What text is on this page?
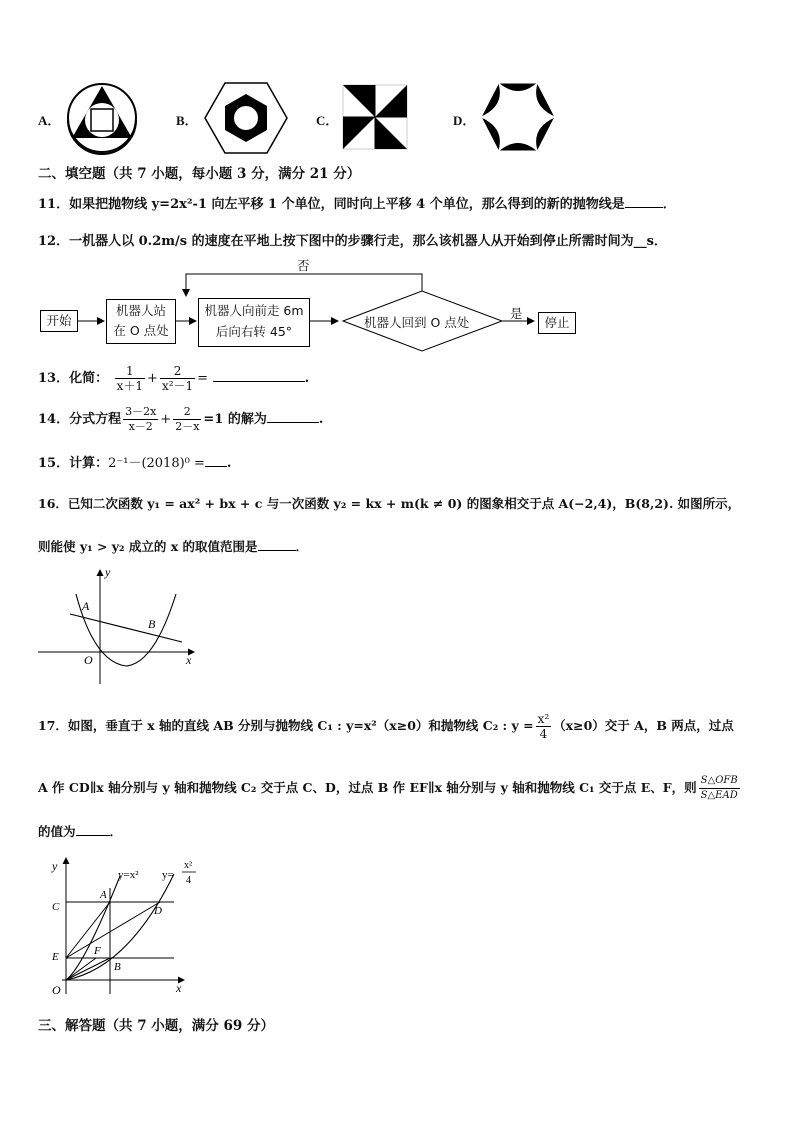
A．	B．	C．	D．
二、填空题（共 7 小题，每小题 3 分，满分 21 分）
11．如果把抛物线 y=2x²-1 向左平移 1 个单位，同时向上平移 4 个单位，那么得到的新的抛物线是	．
12．一机器人以 0.2m/s 的速度在平地上按下图中的步骤行走，那么该机器人从开始到停止所需时间为__s．
开始
机器人站
在 O 点处
机器人向前走 6m
后向右转 45°
机器人回到 O 点处
否
是
停止
13．化简： $\frac{1}{x+1} + \frac{2}{\text{x²－1}}$ =	.
14．分式方程 $\frac{3-2x}{x-2} + \frac{2}{2-x} =1$ 的解为	.
15．计算：2⁻¹－(2018)⁰ = .
16．已知二次函数 y₁ = ax² + bx + c 与一次函数 y₂ = kx + m(k ≠ 0) 的图象相交于点 A(−2,4)，B(8,2). 如图所示，
则能使 y₁ > y₂ 成立的 x 的取值范围是	．
y
x
O
A
B
17．如图，垂直于 x 轴的直线 AB 分别与抛物线 C₁ : y=x²（x≥0）和抛物线 C₂ : $y = \frac{\text{x²}}{4} (x\ge 0)$交于 A，B 两点，过点
A 作 CD∥x 轴分别与 y 轴和抛物线 C₂ 交于点 C、D，过点 B 作 EF∥x 轴分别与 y 轴和抛物线 C₁ 交于点 E、F，则 $\frac{\text{S△OFB}}{\text{S△EAD}}$
的值为	．
y
x
O
A
B
C	D
E	F
y=x² y=
x²
4
三、解答题（共 7 小题，满分 69 分）
